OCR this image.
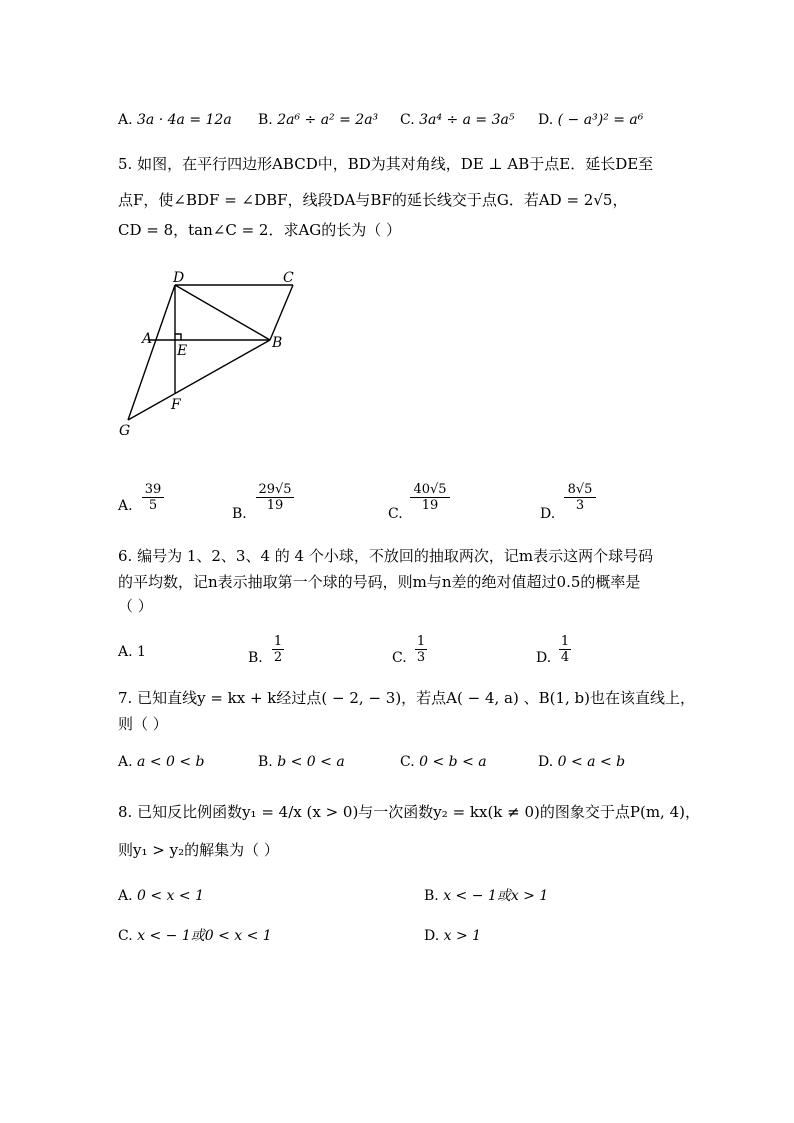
A. 3a · 4a = 12a B. 2a⁶ ÷ a² = 2a³ C. 3a⁴ ÷ a = 3a⁵ D. ( − a³)² = a⁶
5. 如图，在平行四边形ABCD中，BD为其对角线，DE ⊥ AB于点E．延长DE至
点F，使∠BDF = ∠DBF，线段DA与BF的延长线交于点G．若AD = 2√5，
CD = 8，tan∠C = 2．求AG的长为（ ）
D	C
A
E	B
F
G
A. $\frac{39}{5}$
B.
$\frac{29√5}{19}$
C.
$\frac{40√5}{19}$
D.
$\frac{8√5}{3}$
6. 编号为 1、2、3、4 的 4 个小球，不放回的抽取两次，记m表示这两个球号码
的平均数，记n表示抽取第一个球的号码，则m与n差的绝对值超过0.5的概率是
（ ）
A. 1	B. $\frac{1}{2}$	C. $\frac{1}{3}$	D. $\frac{1}{4}$
7. 已知直线y = kx + k经过点( − 2, − 3)，若点A( − 4, a) 、B(1, b)也在该直线上，
则（ ）
A. a < 0 < b	B. b < 0 < a	C. 0 < b < a	D. 0 < a < b
8. 已知反比例函数y₁ = 4/x (x > 0)与一次函数y₂ = kx(k ≠ 0)的图象交于点P(m, 4)，
则y₁ > y₂的解集为（ ）
A. 0 < x < 1	B. x < − 1或x > 1
C. x < − 1或0 < x < 1	D. x > 1
